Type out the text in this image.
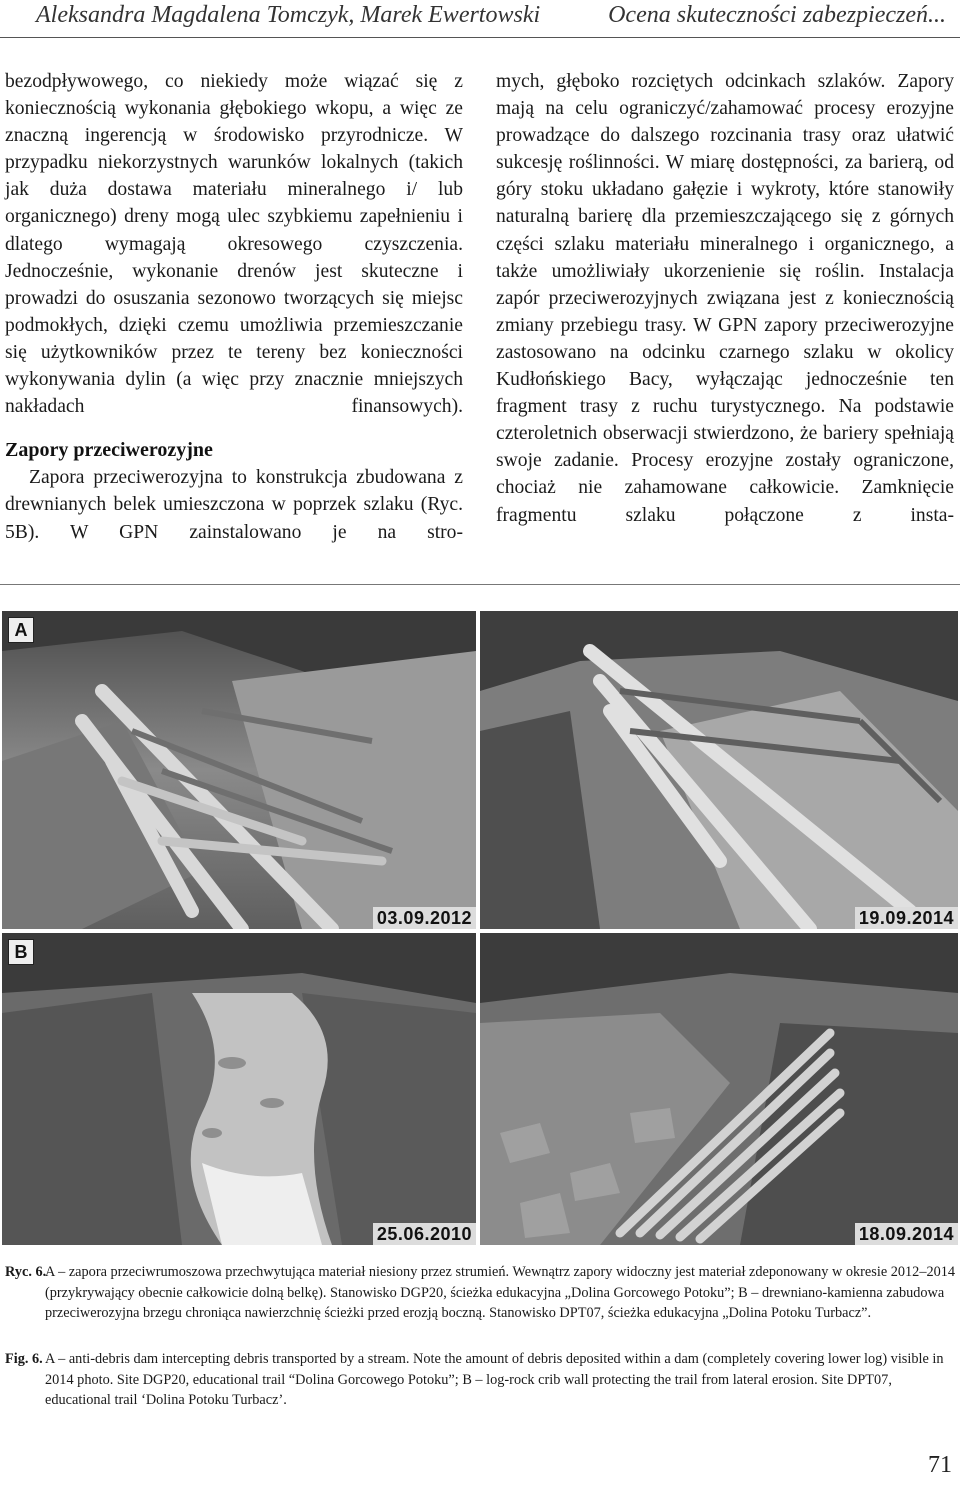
Aleksandra Magdalena Tomczyk, Marek Ewertowski	Ocena skuteczności zabezpieczeń...

bezodpływowego, co niekiedy może wiązać się z koniecznością wykonania głębokiego wkopu, a więc ze znaczną ingerencją w środowisko przyrodnicze. W przypadku niekorzystnych warunków lokalnych (takich jak duża dostawa materiału mineralnego i/ lub organicznego) dreny mogą ulec szybkiemu zapełnieniu i dlatego wymagają okresowego czyszczenia. Jednocześnie, wykonanie drenów jest skuteczne i prowadzi do osuszania sezonowo tworzących się miejsc podmokłych, dzięki czemu umożliwia przemieszczanie się użytkowników przez te tereny bez konieczności wykonywania dylin (a więc przy znacznie mniejszych nakładach finansowych).

Zapory przeciwerozyjne

Zapora przeciwerozyjna to konstrukcja zbudowana z drewnianych belek umieszczona w poprzek szlaku (Ryc. 5B). W GPN zainstalowano je na stro-

mych, głęboko rozciętych odcinkach szlaków. Zapory mają na celu ograniczyć/zahamować procesy erozyjne prowadzące do dalszego rozcinania trasy oraz ułatwić sukcesję roślinności. W miarę dostępności, za barierą, od góry stoku układano gałęzie i wykroty, które stanowiły naturalną barierę dla przemieszczającego się z górnych części szlaku materiału mineralnego i organicznego, a także umożliwiały ukorzenienie się roślin. Instalacja zapór przeciwerozyjnych związana jest z koniecznością zmiany przebiegu trasy. W GPN zapory przeciwerozyjne zastosowano na odcinku czarnego szlaku w okolicy Kudłońskiego Bacy, wyłączając jednocześnie ten fragment trasy z ruchu turystycznego. Na podstawie czteroletnich obserwacji stwierdzono, że bariery spełniają swoje zadanie. Procesy erozyjne zostały ograniczone, chociaż nie zahamowane całkowicie. Zamknięcie fragmentu szlaku połączone z insta-

A
03.09.2012	19.09.2014
B
25.06.2010	18.09.2014
Ryc. 6.
A – zapora przeciwrumoszowa przechwytująca materiał niesiony przez strumień. Wewnątrz zapory widoczny jest materiał zdeponowany w okresie 2012–2014 (przykrywający obecnie całkowicie dolną belkę). Stanowisko DGP20, ścieżka edukacyjna „Dolina Gorcowego Potoku”; B – drewniano-kamienna zabudowa przeciwerozyjna brzegu chroniąca nawierzchnię ścieżki przed erozją boczną. Stanowisko DPT07, ścieżka edukacyjna „Dolina Potoku Turbacz”.
Fig. 6. A – anti-debris dam intercepting debris transported by a stream. Note the amount of debris deposited within a dam (completely covering lower log) visible in 2014 photo. Site DGP20, educational trail “Dolina Gorcowego Potoku”; B – log-rock crib wall protecting the trail from lateral erosion. Site DPT07, educational trail ‘Dolina Potoku Turbacz’.
71
